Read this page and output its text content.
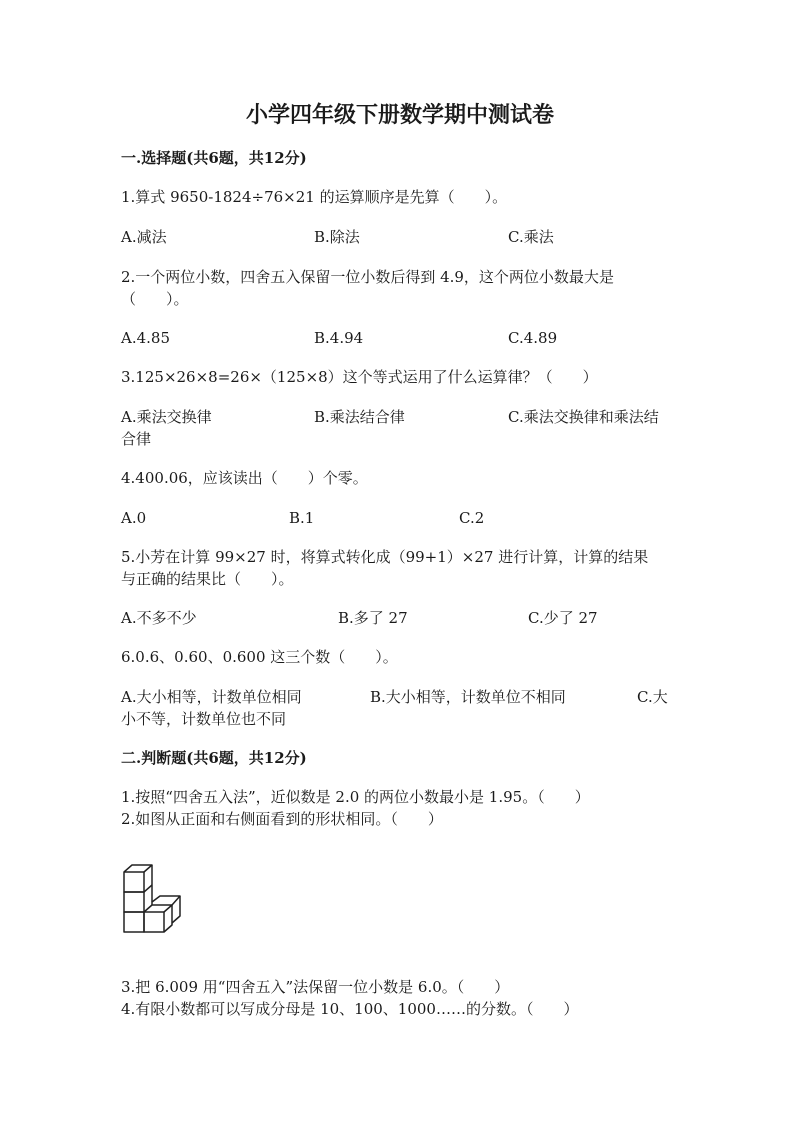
小学四年级下册数学期中测试卷
一.选择题(共6题，共12分)
1.算式 9650-1824÷76×21 的运算顺序是先算（　　）。
A.减法	B.除法	C.乘法
2.一个两位小数，四舍五入保留一位小数后得到 4.9，这个两位小数最大是
（　　）。
A.4.85	B.4.94	C.4.89
3.125×26×8=26×（125×8）这个等式运用了什么运算律？（　　）
A.乘法交换律	B.乘法结合律	C.乘法交换律和乘法结
合律
4.400.06，应该读出（　　）个零。
A.0	B.1	C.2
5.小芳在计算 99×27 时，将算式转化成（99+1）×27 进行计算，计算的结果
与正确的结果比（　　）。
A.不多不少	B.多了 27	C.少了 27
6.0.6、0.60、0.600 这三个数（　　）。
A.大小相等，计数单位相同	B.大小相等，计数单位不相同	C.大
小不等，计数单位也不同
二.判断题(共6题，共12分)
1.按照“四舍五入法”，近似数是 2.0 的两位小数最小是 1.95。（　　）
2.如图从正面和右侧面看到的形状相同。（　　）
3.把 6.009 用“四舍五入”法保留一位小数是 6.0。（　　）
4.有限小数都可以写成分母是 10、100、1000……的分数。（　　）
